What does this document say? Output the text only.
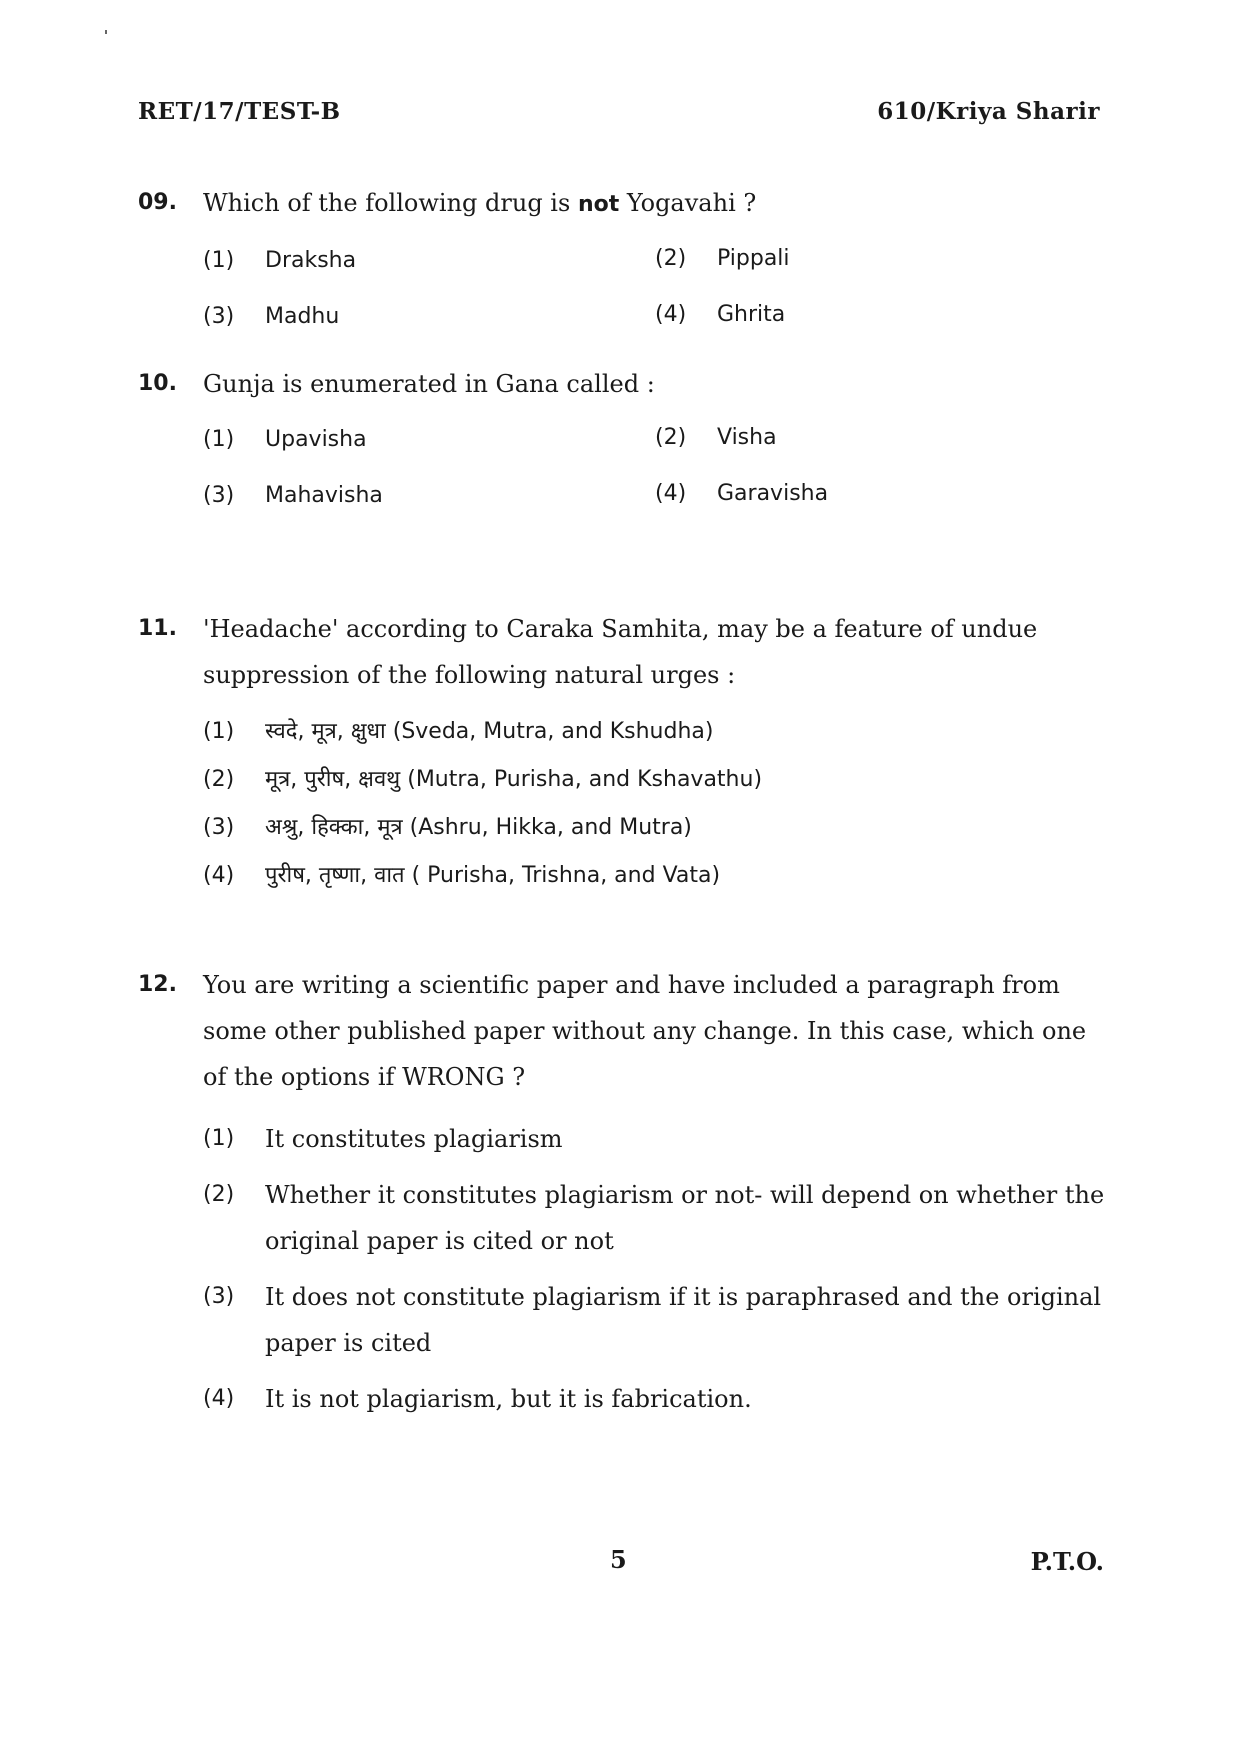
RET/17/TEST-B	610/Kriya Sharir
09.	Which of the following drug is not Yogavahi ?
(1) Draksha	(2) Pippali
(3) Madhu	(4) Ghrita
10.	Gunja is enumerated in Gana called :
(1) Upavisha	(2) Visha
(3) Mahavisha	(4) Garavisha
11.	'Headache' according to Caraka Samhita, may be a feature of undue suppression of the following natural urges :
(1) स्वदे, मूत्र, क्षुधा (Sveda, Mutra, and Kshudha)
(2) मूत्र, पुरीष, क्षवथु (Mutra, Purisha, and Kshavathu)
(3) अश्रु, हिक्का, मूत्र (Ashru, Hikka, and Mutra)
(4) पुरीष, तृष्णा, वात ( Purisha, Trishna, and Vata)
12.	You are writing a scientific paper and have included a paragraph from some other published paper without any change. In this case, which one of the options if WRONG ?
(1) It constitutes plagiarism
(2) Whether it constitutes plagiarism or not- will depend on whether the original paper is cited or not
(3) It does not constitute plagiarism if it is paraphrased and the original paper is cited
(4) It is not plagiarism, but it is fabrication.
5	P.T.O.
